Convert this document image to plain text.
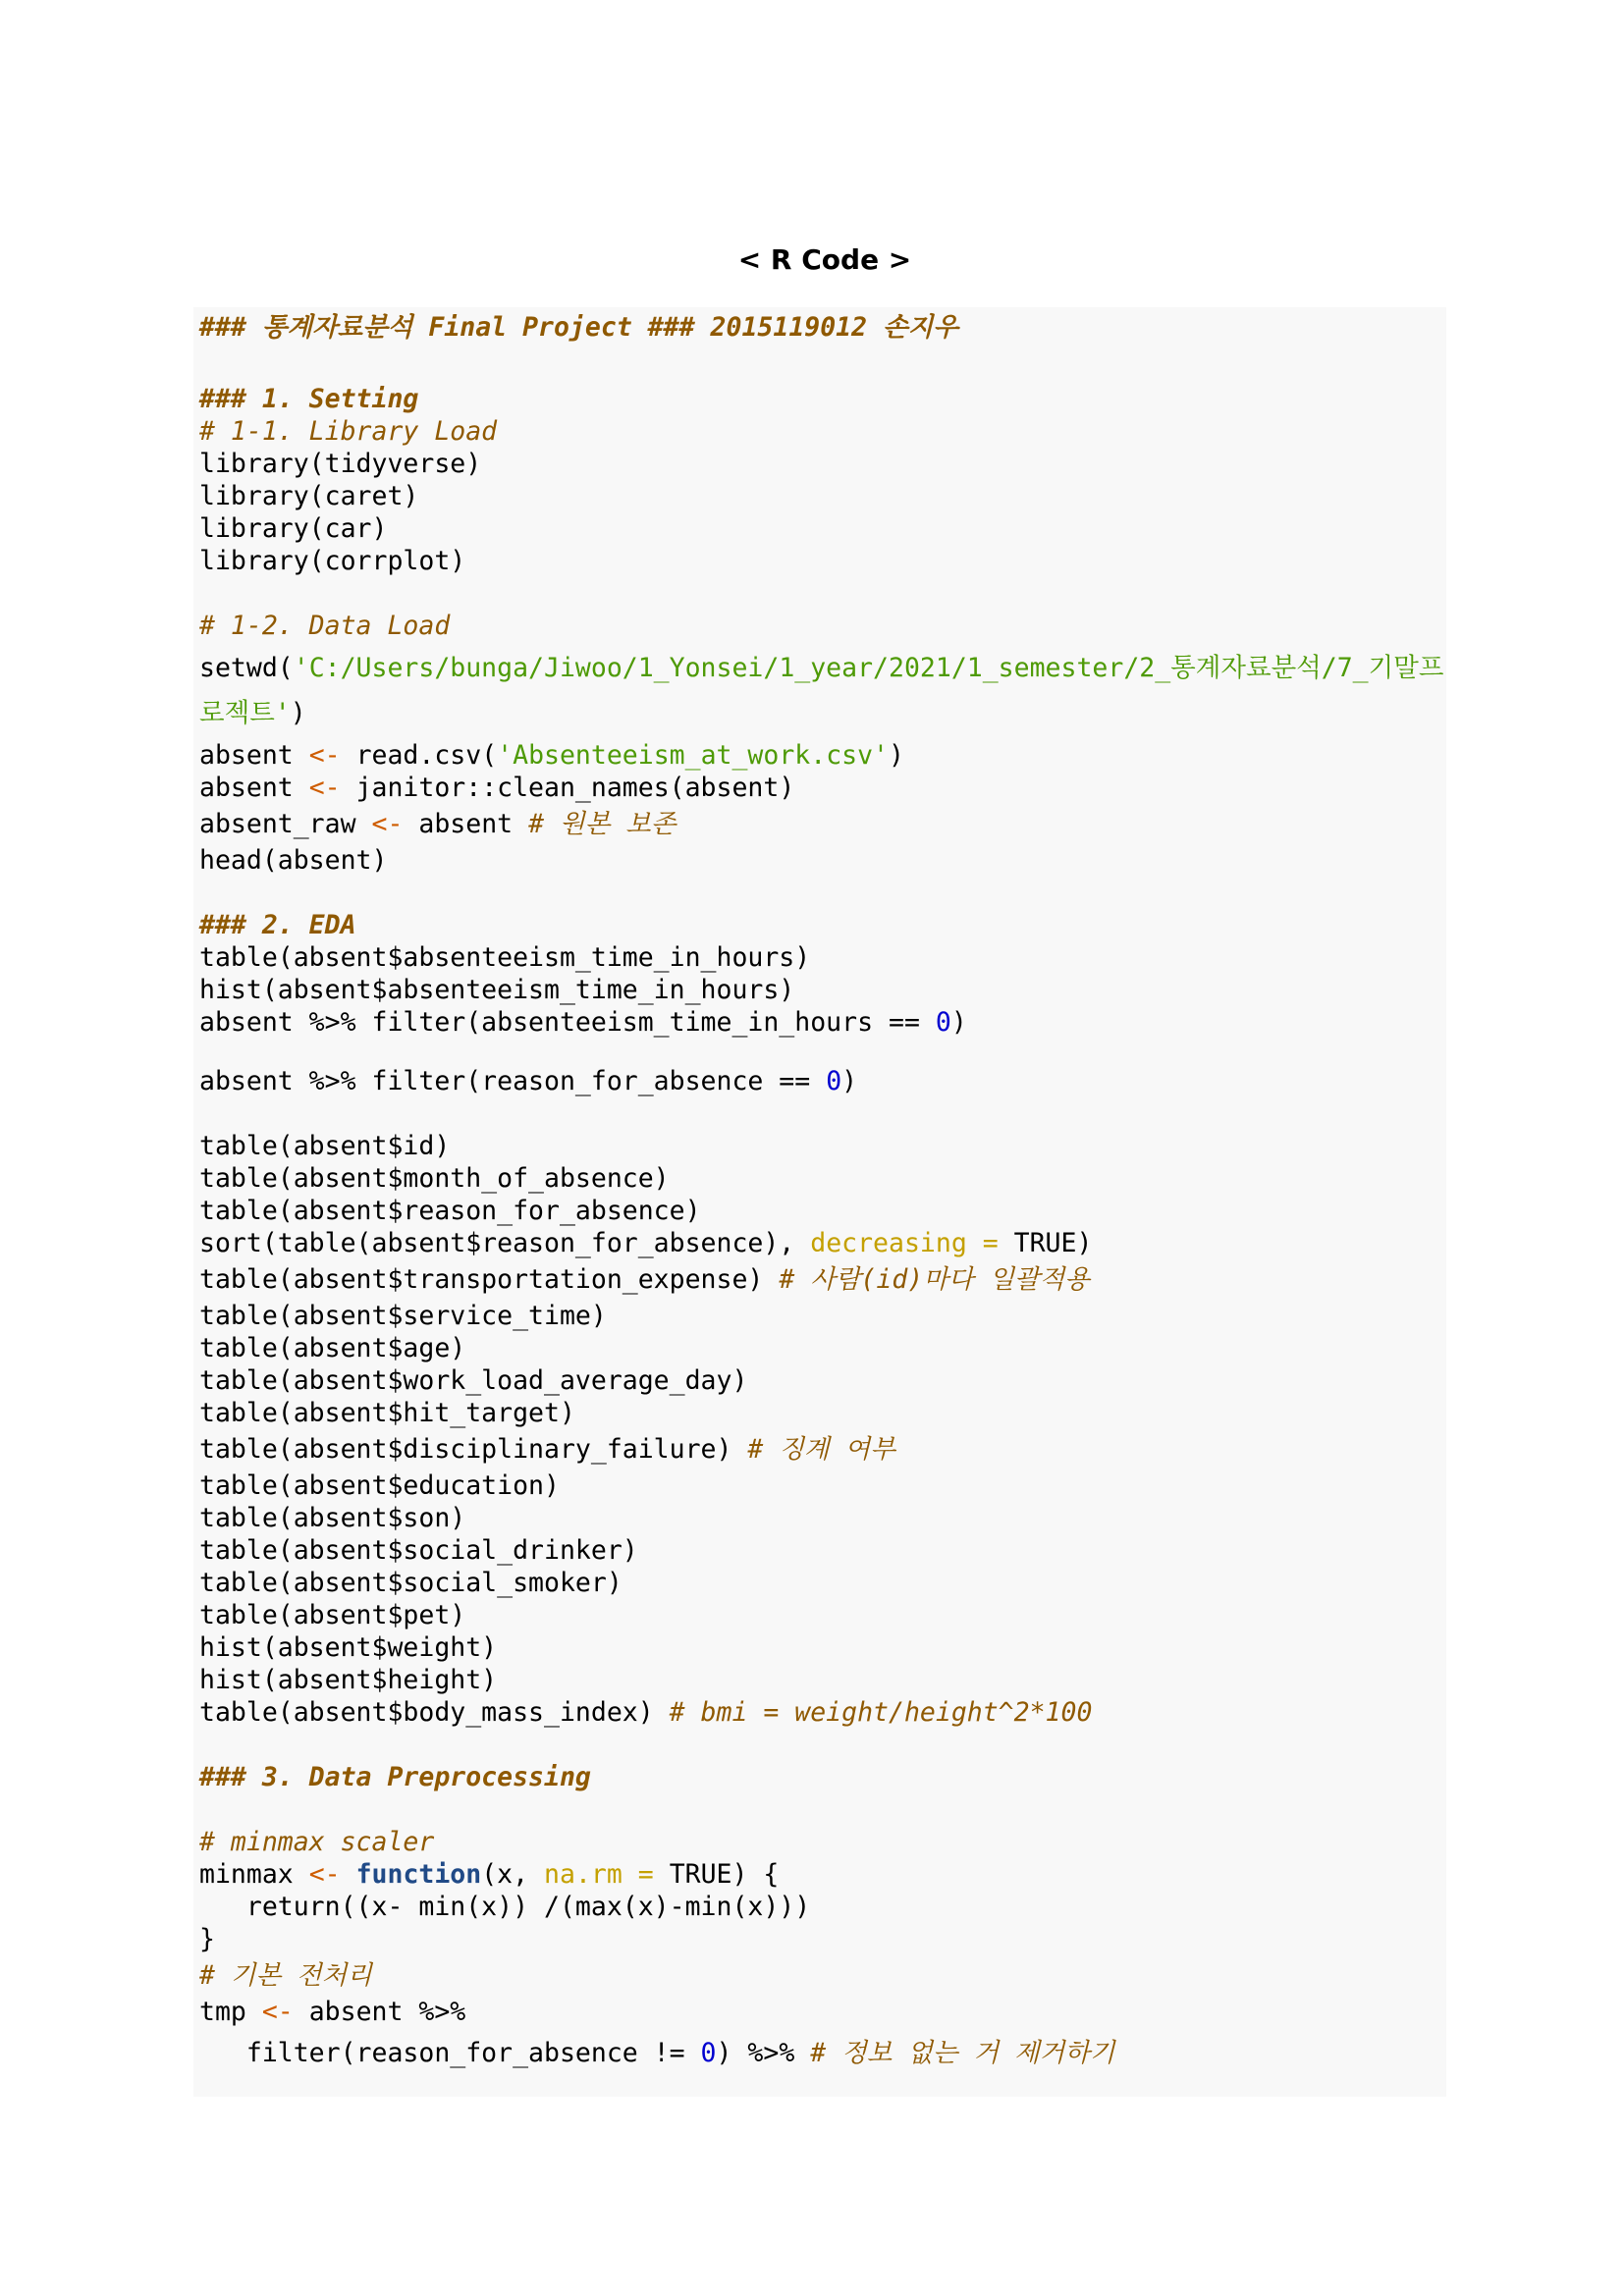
< R Code >
### 통계자료분석 Final Project ### 2015119012 손지우
### 1. Setting
# 1-1. Library Load
library(tidyverse)
library(caret)
library(car)
library(corrplot)
# 1-2. Data Load
setwd('C:/Users/bunga/Jiwoo/1_Yonsei/1_year/2021/1_semester/2_통계자료분석/7_기말프
로젝트')
absent <- read.csv('Absenteeism_at_work.csv')
absent <- janitor::clean_names(absent)
absent_raw <- absent # 원본 보존
head(absent)
### 2. EDA
table(absent$absenteeism_time_in_hours)
hist(absent$absenteeism_time_in_hours)
absent %>% filter(absenteeism_time_in_hours == 0)
absent %>% filter(reason_for_absence == 0)
table(absent$id)
table(absent$month_of_absence)
table(absent$reason_for_absence)
sort(table(absent$reason_for_absence), decreasing = TRUE)
table(absent$transportation_expense) # 사람(id)마다 일괄적용
table(absent$service_time)
table(absent$age)
table(absent$work_load_average_day)
table(absent$hit_target)
table(absent$disciplinary_failure) # 징계 여부
table(absent$education)
table(absent$son)
table(absent$social_drinker)
table(absent$social_smoker)
table(absent$pet)
hist(absent$weight)
hist(absent$height)
table(absent$body_mass_index) # bmi = weight/height^2*100
### 3. Data Preprocessing
# minmax scaler
minmax <- function(x, na.rm = TRUE) {
return((x- min(x)) /(max(x)-min(x)))
}
# 기본 전처리
tmp <- absent %>%
filter(reason_for_absence != 0) %>% # 정보 없는 거 제거하기
